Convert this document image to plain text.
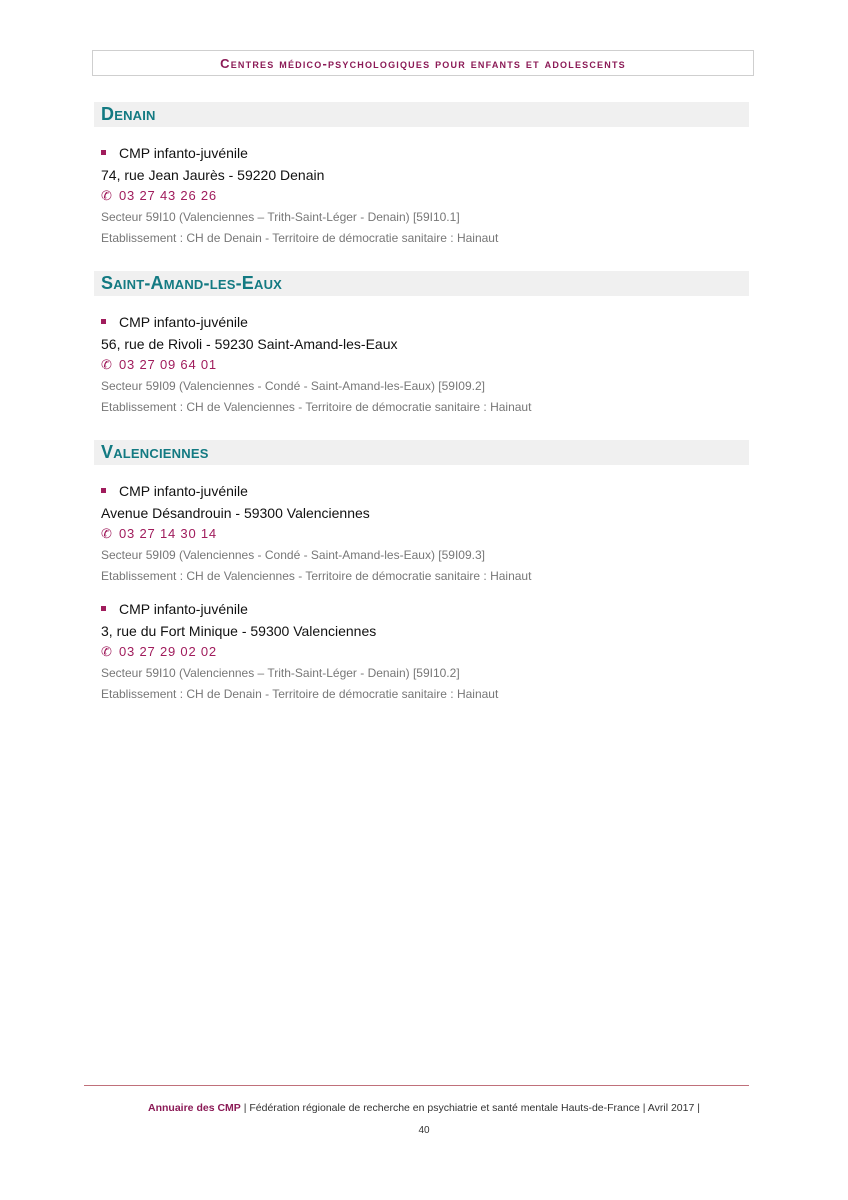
Centres médico-psychologiques pour enfants et adolescents
Denain
CMP infanto-juvénile
74, rue Jean Jaurès - 59220 Denain
✆ 03 27 43 26 26
Secteur 59I10 (Valenciennes – Trith-Saint-Léger - Denain) [59I10.1]
Etablissement : CH de Denain - Territoire de démocratie sanitaire : Hainaut
Saint-Amand-les-Eaux
CMP infanto-juvénile
56, rue de Rivoli - 59230 Saint-Amand-les-Eaux
✆ 03 27 09 64 01
Secteur 59I09 (Valenciennes - Condé - Saint-Amand-les-Eaux) [59I09.2]
Etablissement : CH de Valenciennes - Territoire de démocratie sanitaire : Hainaut
Valenciennes
CMP infanto-juvénile
Avenue Désandrouin - 59300 Valenciennes
✆ 03 27 14 30 14
Secteur 59I09 (Valenciennes - Condé - Saint-Amand-les-Eaux) [59I09.3]
Etablissement : CH de Valenciennes - Territoire de démocratie sanitaire : Hainaut
CMP infanto-juvénile
3, rue du Fort Minique - 59300 Valenciennes
✆ 03 27 29 02 02
Secteur 59I10 (Valenciennes – Trith-Saint-Léger - Denain) [59I10.2]
Etablissement : CH de Denain - Territoire de démocratie sanitaire : Hainaut
Annuaire des CMP | Fédération régionale de recherche en psychiatrie et santé mentale Hauts-de-France | Avril 2017 |
40
